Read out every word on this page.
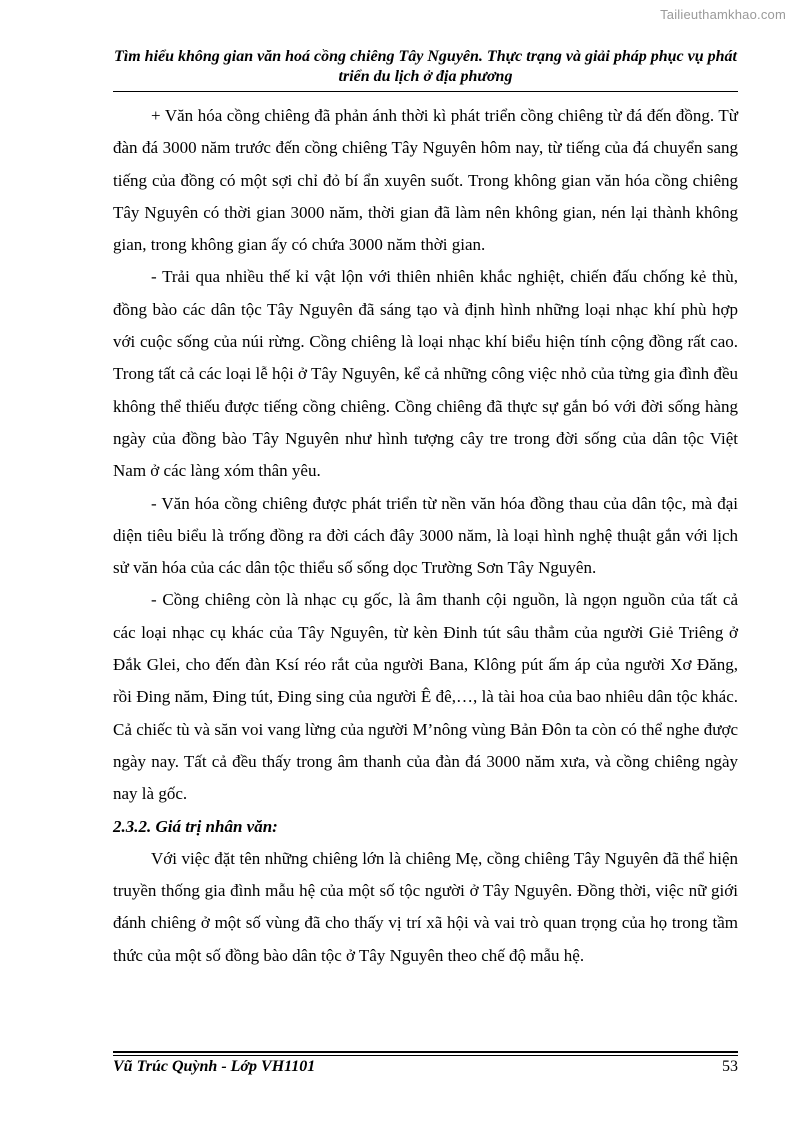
Tailieuthamkhao.com
Tìm hiểu không gian văn hoá cồng chiêng Tây Nguyên. Thực trạng và giải pháp phục vụ phát triển du lịch ở địa phương

+ Văn hóa cồng chiêng đã phản ánh thời kì phát triển cồng chiêng từ đá đến đồng. Từ đàn đá 3000 năm trước đến cồng chiêng Tây Nguyên hôm nay, từ tiếng của đá chuyển sang tiếng của đồng có một sợi chỉ đỏ bí ẩn xuyên suốt. Trong không gian văn hóa cồng chiêng Tây Nguyên có thời gian 3000 năm, thời gian đã làm nên không gian, nén lại thành không gian, trong không gian ấy có chứa 3000 năm thời gian.

- Trải qua nhiều thế kỉ vật lộn với thiên nhiên khắc nghiệt, chiến đấu chống kẻ thù, đồng bào các dân tộc Tây Nguyên đã sáng tạo và định hình những loại nhạc khí phù hợp với cuộc sống của núi rừng. Cồng chiêng là loại nhạc khí biểu hiện tính cộng đồng rất cao. Trong tất cả các loại lễ hội ở Tây Nguyên, kể cả những công việc nhỏ của từng gia đình đều không thể thiếu được tiếng cồng chiêng. Cồng chiêng đã thực sự gắn bó với đời sống hàng ngày của đồng bào Tây Nguyên như hình tượng cây tre trong đời sống của dân tộc Việt Nam ở các làng xóm thân yêu.

- Văn hóa cồng chiêng được phát triển từ nền văn hóa đồng thau của dân tộc, mà đại diện tiêu biểu là trống đồng ra đời cách đây 3000 năm, là loại hình nghệ thuật gắn với lịch sử văn hóa của các dân tộc thiểu số sống dọc Trường Sơn Tây Nguyên.

- Cồng chiêng còn là nhạc cụ gốc, là âm thanh cội nguồn, là ngọn nguồn của tất cả các loại nhạc cụ khác của Tây Nguyên, từ kèn Đinh tút sâu thẳm của người Giẻ Triêng ở Đắk Glei, cho đến đàn Ksí réo rắt của người Bana, Klông pút ấm áp của người Xơ Đăng, rồi Đing năm, Đing tút, Đing sing của người Ê đê,…, là tài hoa của bao nhiêu dân tộc khác. Cả chiếc tù và săn voi vang lừng của người M’nông vùng Bản Đôn ta còn có thể nghe được ngày nay. Tất cả đều thấy trong âm thanh của đàn đá 3000 năm xưa, và cồng chiêng ngày nay là gốc.

2.3.2. Giá trị nhân văn:

Với việc đặt tên những chiêng lớn là chiêng Mẹ, cồng chiêng Tây Nguyên đã thể hiện truyền thống gia đình mẫu hệ của một số tộc người ở Tây Nguyên. Đồng thời, việc nữ giới đánh chiêng ở một số vùng đã cho thấy vị trí xã hội và vai trò quan trọng của họ trong tầm thức của một số đồng bào dân tộc ở Tây Nguyên theo chế độ mẫu hệ.

Vũ Trúc Quỳnh - Lớp VH1101	53
